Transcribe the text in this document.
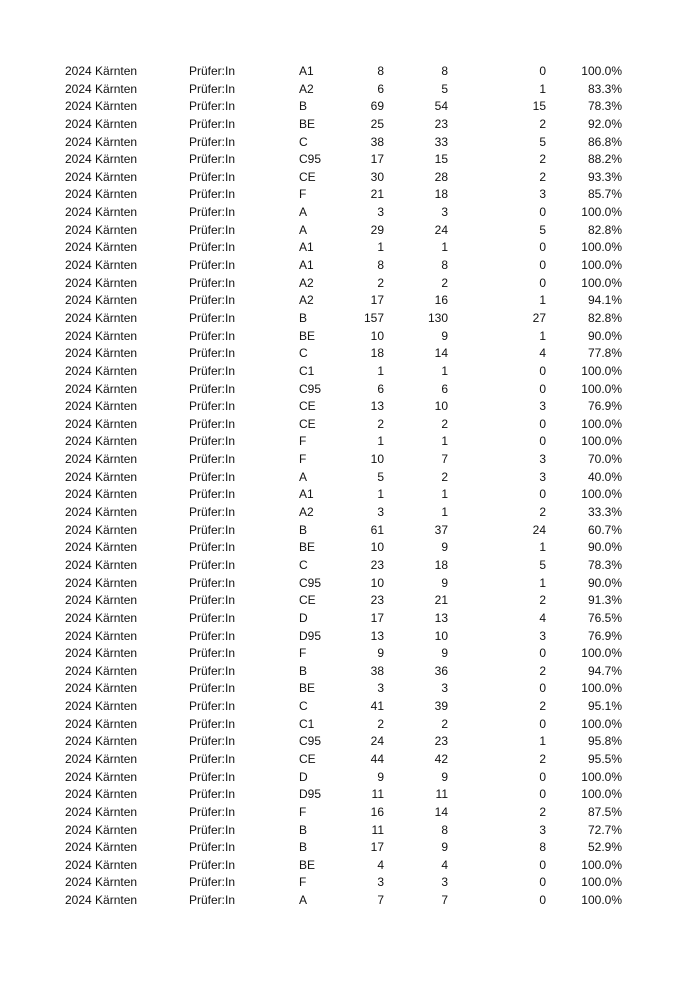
2024 Kärnten	Prüfer:In	A1	8	8	0	100.0%
2024 Kärnten	Prüfer:In	A2	6	5	1	83.3%
2024 Kärnten	Prüfer:In	B	69	54	15	78.3%
2024 Kärnten	Prüfer:In	BE	25	23	2	92.0%
2024 Kärnten	Prüfer:In	C	38	33	5	86.8%
2024 Kärnten	Prüfer:In	C95	17	15	2	88.2%
2024 Kärnten	Prüfer:In	CE	30	28	2	93.3%
2024 Kärnten	Prüfer:In	F	21	18	3	85.7%
2024 Kärnten	Prüfer:In	A	3	3	0	100.0%
2024 Kärnten	Prüfer:In	A	29	24	5	82.8%
2024 Kärnten	Prüfer:In	A1	1	1	0	100.0%
2024 Kärnten	Prüfer:In	A1	8	8	0	100.0%
2024 Kärnten	Prüfer:In	A2	2	2	0	100.0%
2024 Kärnten	Prüfer:In	A2	17	16	1	94.1%
2024 Kärnten	Prüfer:In	B	157	130	27	82.8%
2024 Kärnten	Prüfer:In	BE	10	9	1	90.0%
2024 Kärnten	Prüfer:In	C	18	14	4	77.8%
2024 Kärnten	Prüfer:In	C1	1	1	0	100.0%
2024 Kärnten	Prüfer:In	C95	6	6	0	100.0%
2024 Kärnten	Prüfer:In	CE	13	10	3	76.9%
2024 Kärnten	Prüfer:In	CE	2	2	0	100.0%
2024 Kärnten	Prüfer:In	F	1	1	0	100.0%
2024 Kärnten	Prüfer:In	F	10	7	3	70.0%
2024 Kärnten	Prüfer:In	A	5	2	3	40.0%
2024 Kärnten	Prüfer:In	A1	1	1	0	100.0%
2024 Kärnten	Prüfer:In	A2	3	1	2	33.3%
2024 Kärnten	Prüfer:In	B	61	37	24	60.7%
2024 Kärnten	Prüfer:In	BE	10	9	1	90.0%
2024 Kärnten	Prüfer:In	C	23	18	5	78.3%
2024 Kärnten	Prüfer:In	C95	10	9	1	90.0%
2024 Kärnten	Prüfer:In	CE	23	21	2	91.3%
2024 Kärnten	Prüfer:In	D	17	13	4	76.5%
2024 Kärnten	Prüfer:In	D95	13	10	3	76.9%
2024 Kärnten	Prüfer:In	F	9	9	0	100.0%
2024 Kärnten	Prüfer:In	B	38	36	2	94.7%
2024 Kärnten	Prüfer:In	BE	3	3	0	100.0%
2024 Kärnten	Prüfer:In	C	41	39	2	95.1%
2024 Kärnten	Prüfer:In	C1	2	2	0	100.0%
2024 Kärnten	Prüfer:In	C95	24	23	1	95.8%
2024 Kärnten	Prüfer:In	CE	44	42	2	95.5%
2024 Kärnten	Prüfer:In	D	9	9	0	100.0%
2024 Kärnten	Prüfer:In	D95	11	11	0	100.0%
2024 Kärnten	Prüfer:In	F	16	14	2	87.5%
2024 Kärnten	Prüfer:In	B	11	8	3	72.7%
2024 Kärnten	Prüfer:In	B	17	9	8	52.9%
2024 Kärnten	Prüfer:In	BE	4	4	0	100.0%
2024 Kärnten	Prüfer:In	F	3	3	0	100.0%
2024 Kärnten	Prüfer:In	A	7	7	0	100.0%
